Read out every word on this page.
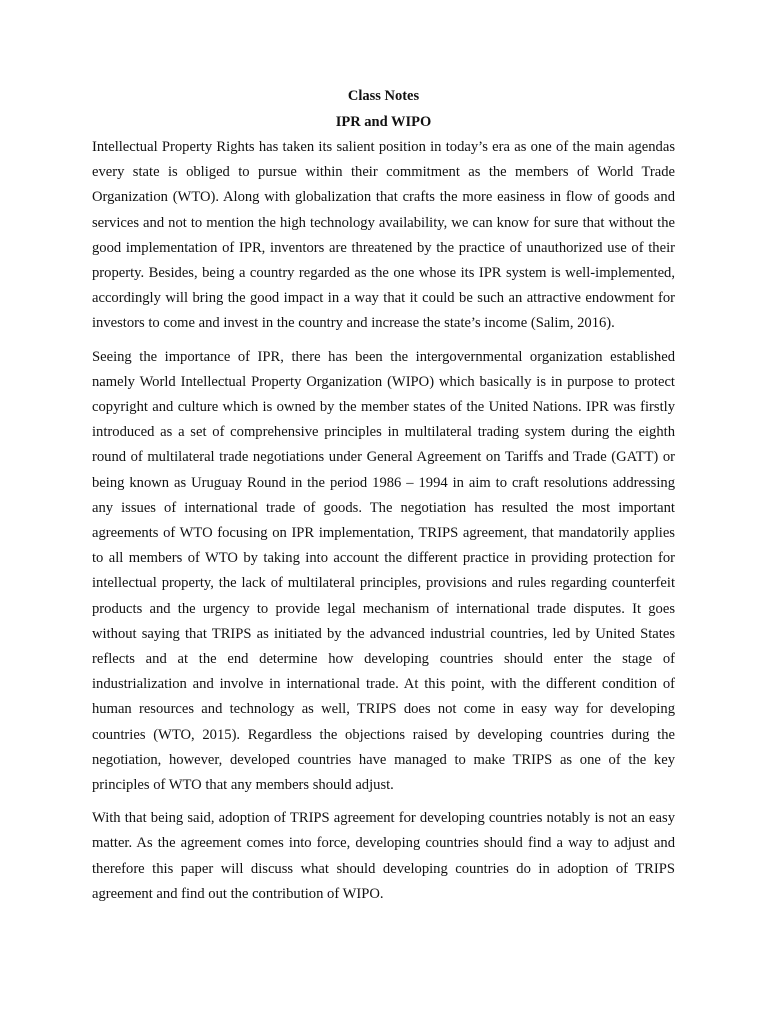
Class Notes

IPR and WIPO

Intellectual Property Rights has taken its salient position in today’s era as one of the main agendas every state is obliged to pursue within their commitment as the members of World Trade Organization (WTO). Along with globalization that crafts the more easiness in flow of goods and services and not to mention the high technology availability, we can know for sure that without the good implementation of IPR, inventors are threatened by the practice of unauthorized use of their property. Besides, being a country regarded as the one whose its IPR system is well-implemented, accordingly will bring the good impact in a way that it could be such an attractive endowment for investors to come and invest in the country and increase the state’s income (Salim, 2016).

Seeing the importance of IPR, there has been the intergovernmental organization established namely World Intellectual Property Organization (WIPO) which basically is in purpose to protect copyright and culture which is owned by the member states of the United Nations. IPR was firstly introduced as a set of comprehensive principles in multilateral trading system during the eighth round of multilateral trade negotiations under General Agreement on Tariffs and Trade (GATT) or being known as Uruguay Round in the period 1986 – 1994 in aim to craft resolutions addressing any issues of international trade of goods. The negotiation has resulted the most important agreements of WTO focusing on IPR implementation, TRIPS agreement, that mandatorily applies to all members of WTO by taking into account the different practice in providing protection for intellectual property, the lack of multilateral principles, provisions and rules regarding counterfeit products and the urgency to provide legal mechanism of international trade disputes. It goes without saying that TRIPS as initiated by the advanced industrial countries, led by United States reflects and at the end determine how developing countries should enter the stage of industrialization and involve in international trade. At this point, with the different condition of human resources and technology as well, TRIPS does not come in easy way for developing countries (WTO, 2015). Regardless the objections raised by developing countries during the negotiation, however, developed countries have managed to make TRIPS as one of the key principles of WTO that any members should adjust.

With that being said, adoption of TRIPS agreement for developing countries notably is not an easy matter. As the agreement comes into force, developing countries should find a way to adjust and therefore this paper will discuss what should developing countries do in adoption of TRIPS agreement and find out the contribution of WIPO.
